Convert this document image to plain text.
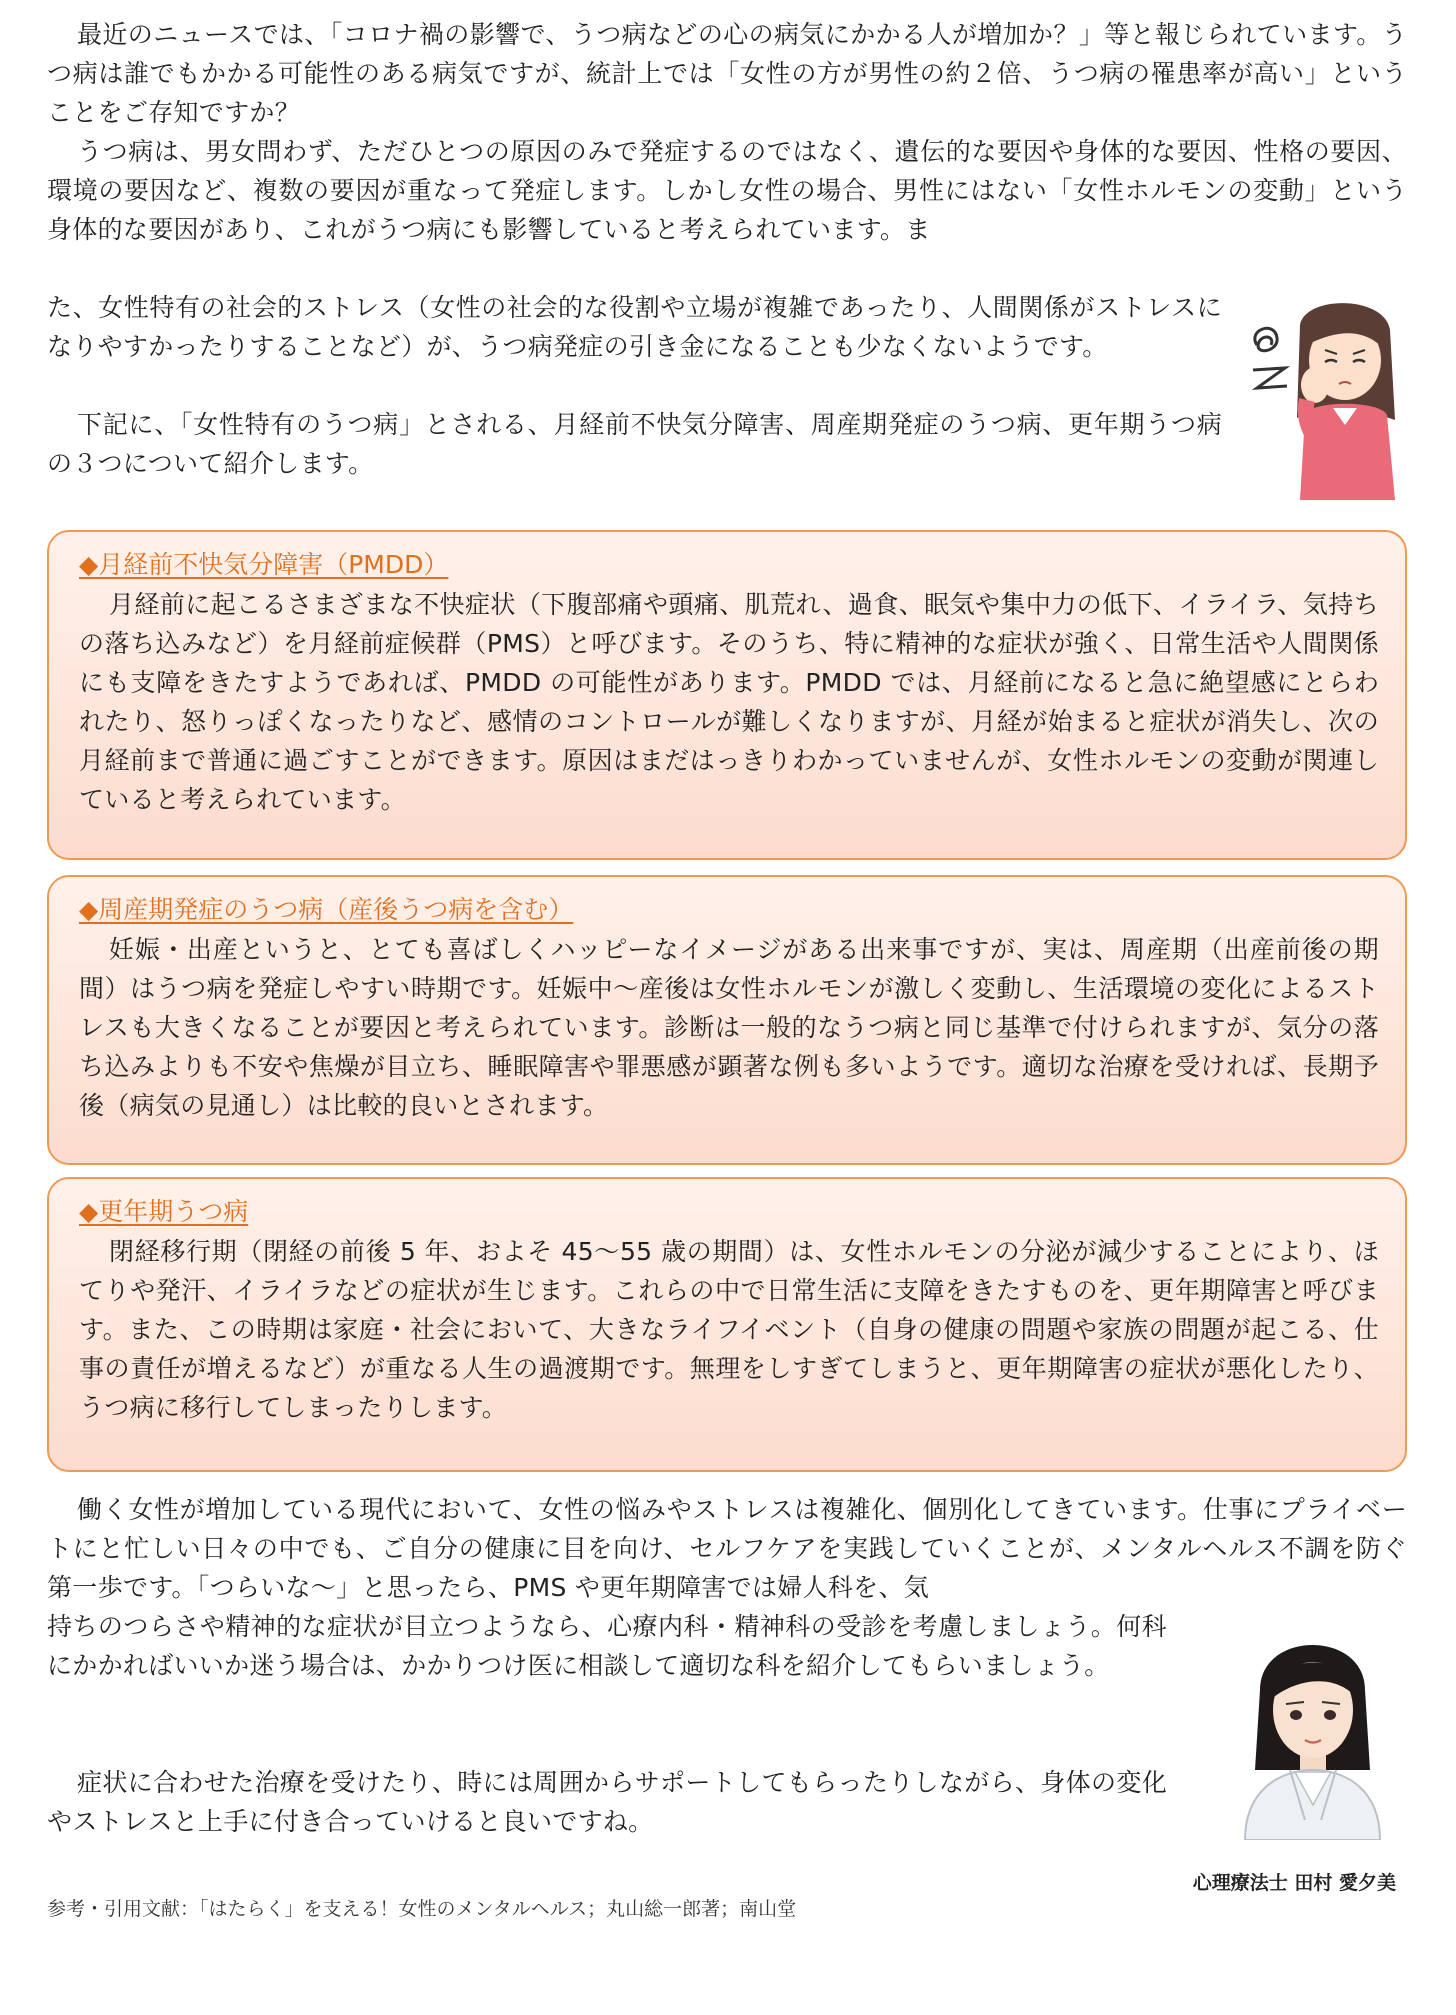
最近のニュースでは、「コロナ禍の影響で、うつ病などの心の病気にかかる人が増加か？」等と報じられています。うつ病は誰でもかかる可能性のある病気ですが、統計上では「女性の方が男性の約２倍、うつ病の罹患率が高い」ということをご存知ですか？

うつ病は、男女問わず、ただひとつの原因のみで発症するのではなく、遺伝的な要因や身体的な要因、性格の要因、環境の要因など、複数の要因が重なって発症します。しかし女性の場合、男性にはない「女性ホルモンの変動」という身体的な要因があり、これがうつ病にも影響していると考えられています。ま

た、女性特有の社会的ストレス（女性の社会的な役割や立場が複雑であったり、人間関係がストレスになりやすかったりすることなど）が、うつ病発症の引き金になることも少なくないようです。

下記に、「女性特有のうつ病」とされる、月経前不快気分障害、周産期発症のうつ病、更年期うつ病の３つについて紹介します。

◆月経前不快気分障害（PMDD）

月経前に起こるさまざまな不快症状（下腹部痛や頭痛、肌荒れ、過食、眠気や集中力の低下、イライラ、気持ちの落ち込みなど）を月経前症候群（PMS）と呼びます。そのうち、特に精神的な症状が強く、日常生活や人間関係にも支障をきたすようであれば、PMDD の可能性があります。PMDD では、月経前になると急に絶望感にとらわれたり、怒りっぽくなったりなど、感情のコントロールが難しくなりますが、月経が始まると症状が消失し、次の月経前まで普通に過ごすことができます。原因はまだはっきりわかっていませんが、女性ホルモンの変動が関連していると考えられています。

◆周産期発症のうつ病（産後うつ病を含む）

妊娠・出産というと、とても喜ばしくハッピーなイメージがある出来事ですが、実は、周産期（出産前後の期間）はうつ病を発症しやすい時期です。妊娠中～産後は女性ホルモンが激しく変動し、生活環境の変化によるストレスも大きくなることが要因と考えられています。診断は一般的なうつ病と同じ基準で付けられますが、気分の落ち込みよりも不安や焦燥が目立ち、睡眠障害や罪悪感が顕著な例も多いようです。適切な治療を受ければ、長期予後（病気の見通し）は比較的良いとされます。

◆更年期うつ病

閉経移行期（閉経の前後 5 年、およそ 45～55 歳の期間）は、女性ホルモンの分泌が減少することにより、ほてりや発汗、イライラなどの症状が生じます。これらの中で日常生活に支障をきたすものを、更年期障害と呼びます。また、この時期は家庭・社会において、大きなライフイベント（自身の健康の問題や家族の問題が起こる、仕事の責任が増えるなど）が重なる人生の過渡期です。無理をしすぎてしまうと、更年期障害の症状が悪化したり、うつ病に移行してしまったりします。

働く女性が増加している現代において、女性の悩みやストレスは複雑化、個別化してきています。仕事にプライベートにと忙しい日々の中でも、ご自分の健康に目を向け、セルフケアを実践していくことが、メンタルヘルス不調を防ぐ第一歩です。「つらいな～」と思ったら、PMS や更年期障害では婦人科を、気

持ちのつらさや精神的な症状が目立つようなら、心療内科・精神科の受診を考慮しましょう。何科にかかればいいか迷う場合は、かかりつけ医に相談して適切な科を紹介してもらいましょう。

症状に合わせた治療を受けたり、時には周囲からサポートしてもらったりしながら、身体の変化やストレスと上手に付き合っていけると良いですね。

参考・引用文献：「はたらく」を支える！女性のメンタルヘルス；丸山総一郎著；南山堂

心理療法士 田村 愛夕美
